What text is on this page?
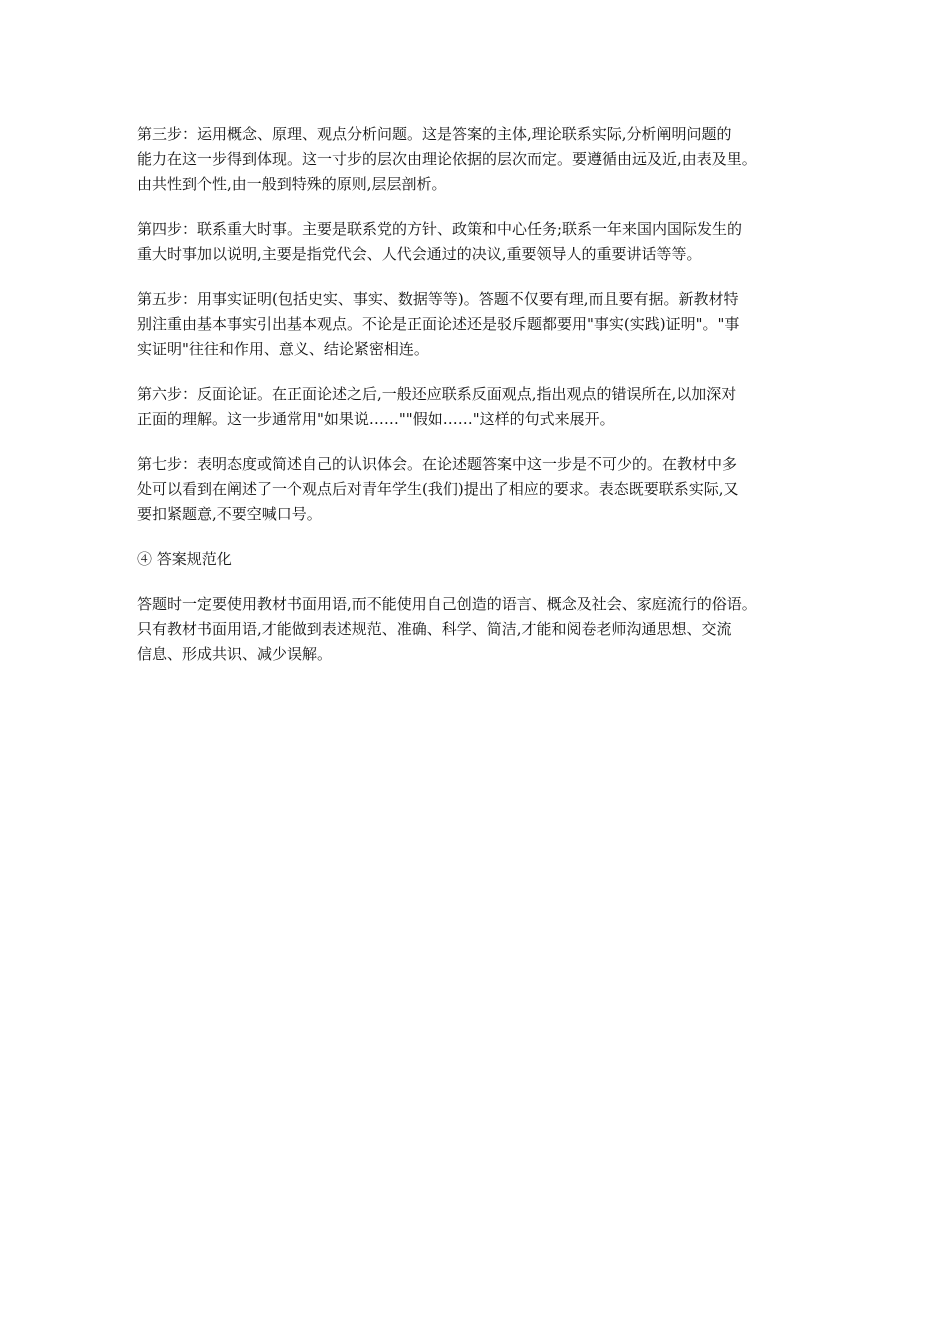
第三步：运用概念、原理、观点分析问题。这是答案的主体,理论联系实际,分析阐明问题的
能力在这一步得到体现。这一寸步的层次由理论依据的层次而定。要遵循由远及近,由表及里。
由共性到个性,由一般到特殊的原则,层层剖析。

第四步：联系重大时事。主要是联系党的方针、政策和中心任务;联系一年来国内国际发生的
重大时事加以说明,主要是指党代会、人代会通过的决议,重要领导人的重要讲话等等。

第五步：用事实证明(包括史实、事实、数据等等)。答题不仅要有理,而且要有据。新教材特
别注重由基本事实引出基本观点。不论是正面论述还是驳斥题都要用"事实(实践)证明"。"事
实证明"往往和作用、意义、结论紧密相连。

第六步：反面论证。在正面论述之后,一般还应联系反面观点,指出观点的错误所在,以加深对
正面的理解。这一步通常用"如果说……""假如……"这样的句式来展开。

第七步：表明态度或简述自己的认识体会。在论述题答案中这一步是不可少的。在教材中多
处可以看到在阐述了一个观点后对青年学生(我们)提出了相应的要求。表态既要联系实际,又
要扣紧题意,不要空喊口号。

④ 答案规范化

答题时一定要使用教材书面用语,而不能使用自己创造的语言、概念及社会、家庭流行的俗语。
只有教材书面用语,才能做到表述规范、准确、科学、简洁,才能和阅卷老师沟通思想、交流
信息、形成共识、减少误解。
